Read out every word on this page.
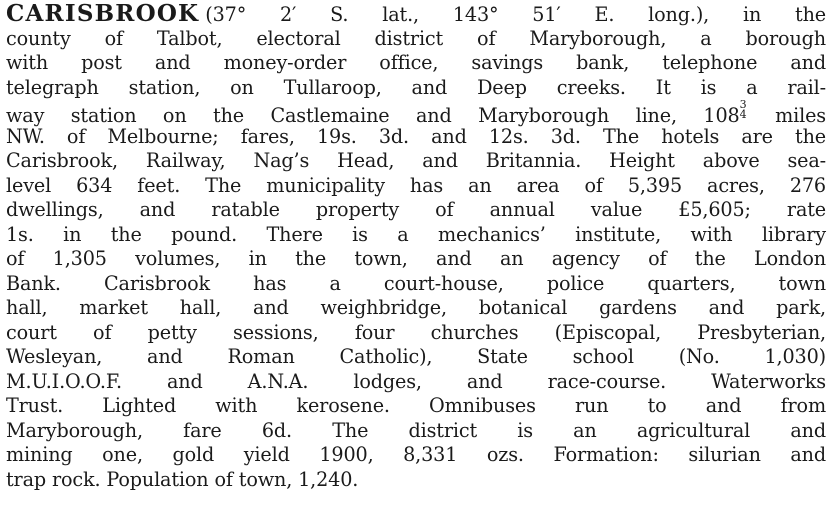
CARISBROOK (37° 2′ S. lat., 143° 51′ E. long.), in the
county of Talbot, electoral district of Maryborough, a borough
with post and money-order office, savings bank, telephone and
telegraph station, on Tullaroop, and Deep creeks. It is a rail-
way station on the Castlemaine and Maryborough line, 108 3
4 miles
NW. of Melbourne; fares, 19s. 3d. and 12s. 3d. The hotels are the
Carisbrook, Railway, Nag’s Head, and Britannia. Height above sea-
level 634 feet. The municipality has an area of 5,395 acres, 276
dwellings, and ratable property of annual value £5,605; rate
1s. in the pound. There is a mechanics’ institute, with library
of 1,305 volumes, in the town, and an agency of the London
Bank. Carisbrook has a court-house, police quarters, town
hall, market hall, and weighbridge, botanical gardens and park,
court of petty sessions, four churches (Episcopal, Presbyterian,
Wesleyan, and Roman Catholic), State school (No. 1,030)
M.U.I.O.O.F. and A.N.A. lodges, and race-course. Waterworks
Trust. Lighted with kerosene. Omnibuses run to and from
Maryborough, fare 6d. The district is an agricultural and
mining one, gold yield 1900, 8,331 ozs. Formation: silurian and
trap rock. Population of town, 1,240.
